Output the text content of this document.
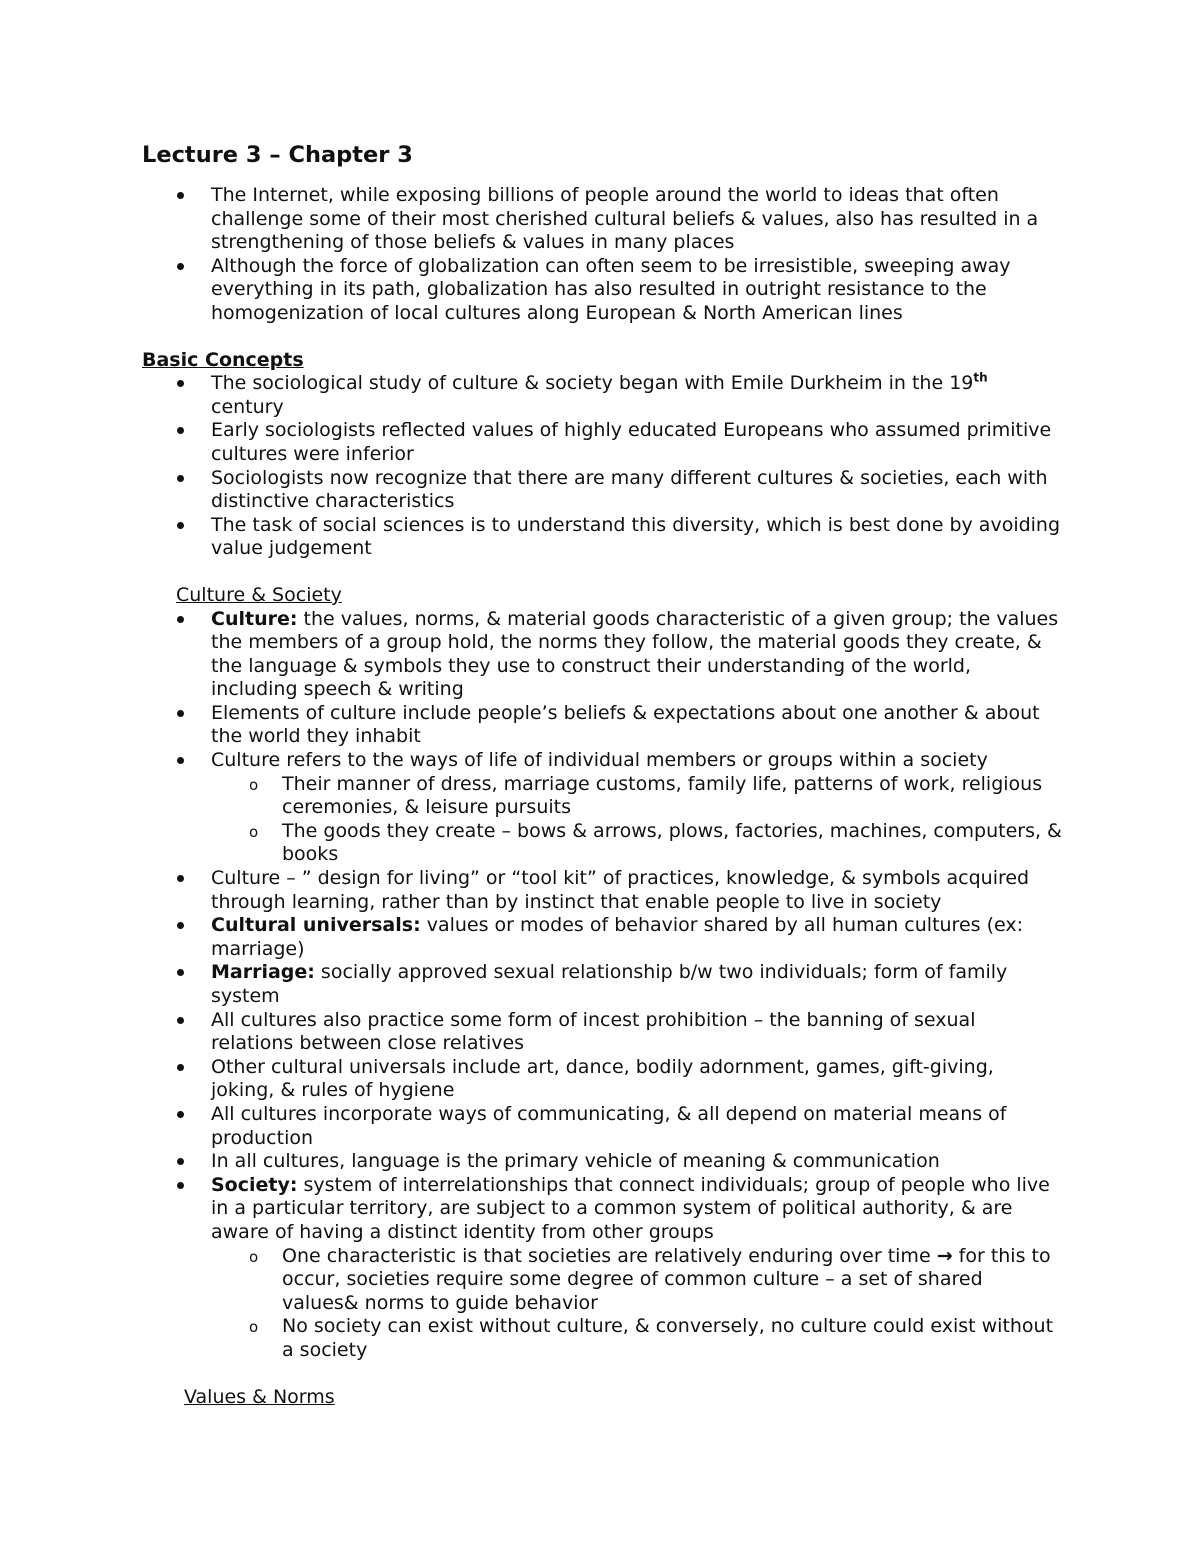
Lecture 3 – Chapter 3
The Internet, while exposing billions of people around the world to ideas that often challenge some of their most cherished cultural beliefs & values, also has resulted in a strengthening of those beliefs & values in many places
Although the force of globalization can often seem to be irresistible, sweeping away everything in its path, globalization has also resulted in outright resistance to the homogenization of local cultures along European & North American lines
Basic Concepts
The sociological study of culture & society began with Emile Durkheim in the 19th century
Early sociologists reflected values of highly educated Europeans who assumed primitive cultures were inferior
Sociologists now recognize that there are many different cultures & societies, each with distinctive characteristics
The task of social sciences is to understand this diversity, which is best done by avoiding value judgement
Culture & Society
Culture: the values, norms, & material goods characteristic of a given group; the values the members of a group hold, the norms they follow, the material goods they create, & the language & symbols they use to construct their understanding of the world, including speech & writing
Elements of culture include people’s beliefs & expectations about one another & about the world they inhabit
Culture refers to the ways of life of individual members or groups within a society
o Their manner of dress, marriage customs, family life, patterns of work, religious ceremonies, & leisure pursuits
o The goods they create – bows & arrows, plows, factories, machines, computers, & books
Culture – ” design for living” or “tool kit” of practices, knowledge, & symbols acquired through learning, rather than by instinct that enable people to live in society
Cultural universals: values or modes of behavior shared by all human cultures (ex: marriage)
Marriage: socially approved sexual relationship b/w two individuals; form of family system
All cultures also practice some form of incest prohibition – the banning of sexual relations between close relatives
Other cultural universals include art, dance, bodily adornment, games, gift-giving, joking, & rules of hygiene
All cultures incorporate ways of communicating, & all depend on material means of production
In all cultures, language is the primary vehicle of meaning & communication
Society: system of interrelationships that connect individuals; group of people who live in a particular territory, are subject to a common system of political authority, & are aware of having a distinct identity from other groups
o One characteristic is that societies are relatively enduring over time → for this to occur, societies require some degree of common culture – a set of shared values& norms to guide behavior
o No society can exist without culture, & conversely, no culture could exist without a society
Values & Norms
